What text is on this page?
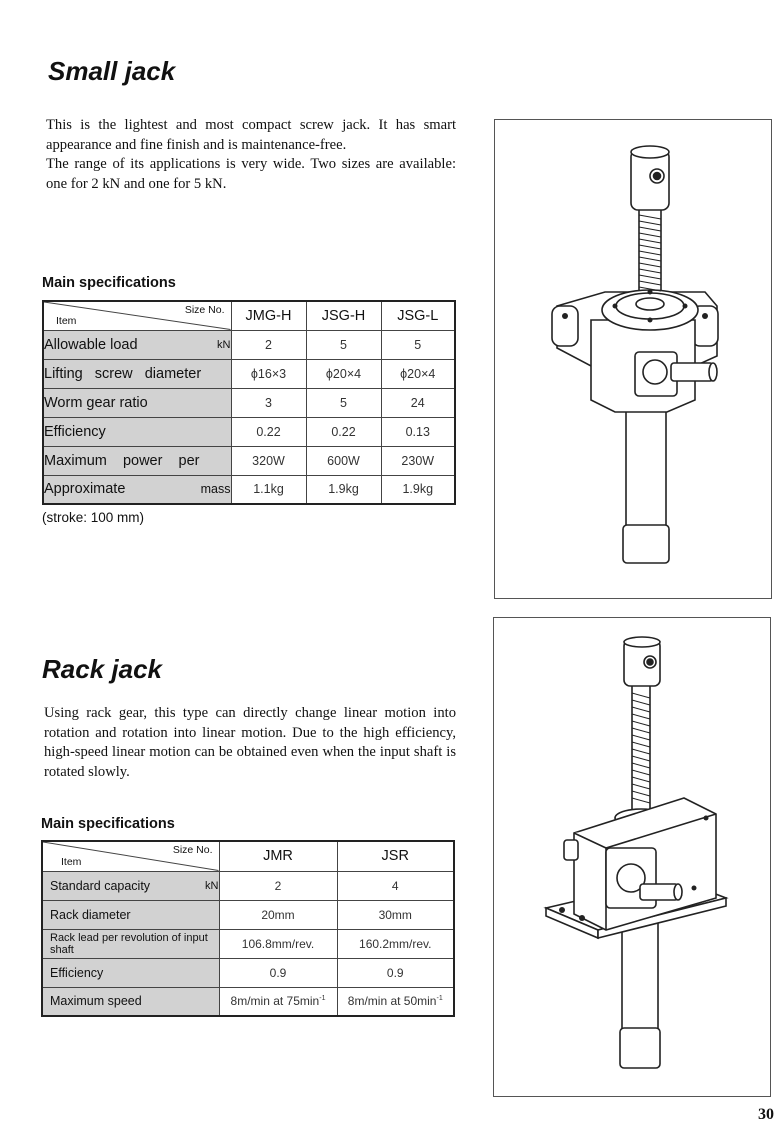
Small jack

This is the lightest and most compact screw jack. It has smart appearance and fine finish and is maintenance-free.

The range of its applications is very wide. Two sizes are available: one for 2 kN and one for 5 kN.

Main specifications
Size No.
Item	JMG-H	JSG-H	JSG-L

Allowable load kN	2	5	5

Lifting   screw   diameter	ϕ16×3	ϕ20×4	ϕ20×4

Worm gear ratio	3	5	24

Efficiency	0.22	0.22	0.13

Maximum    power    per	320W	600W	230W

Approximate mass	1.1kg	1.9kg	1.9kg

(stroke: 100 mm)

Rack jack

Using rack gear, this type can directly change linear motion into rotation and rotation into linear motion. Due to the high efficiency, high-speed linear motion can be obtained even when the input shaft is rotated slowly.

Main specifications
Size No.
Item	JMR	JSR

Standard capacity kN	2	4
Rack diameter	20mm	30mm
Rack lead per revolution of input shaft	106.8mm/rev.	160.2mm/rev.
Efficiency	0.9	0.9
Maximum speed	8m/min at $75\min^{-1}$	8m/min at $50\min^{-1}$
30
